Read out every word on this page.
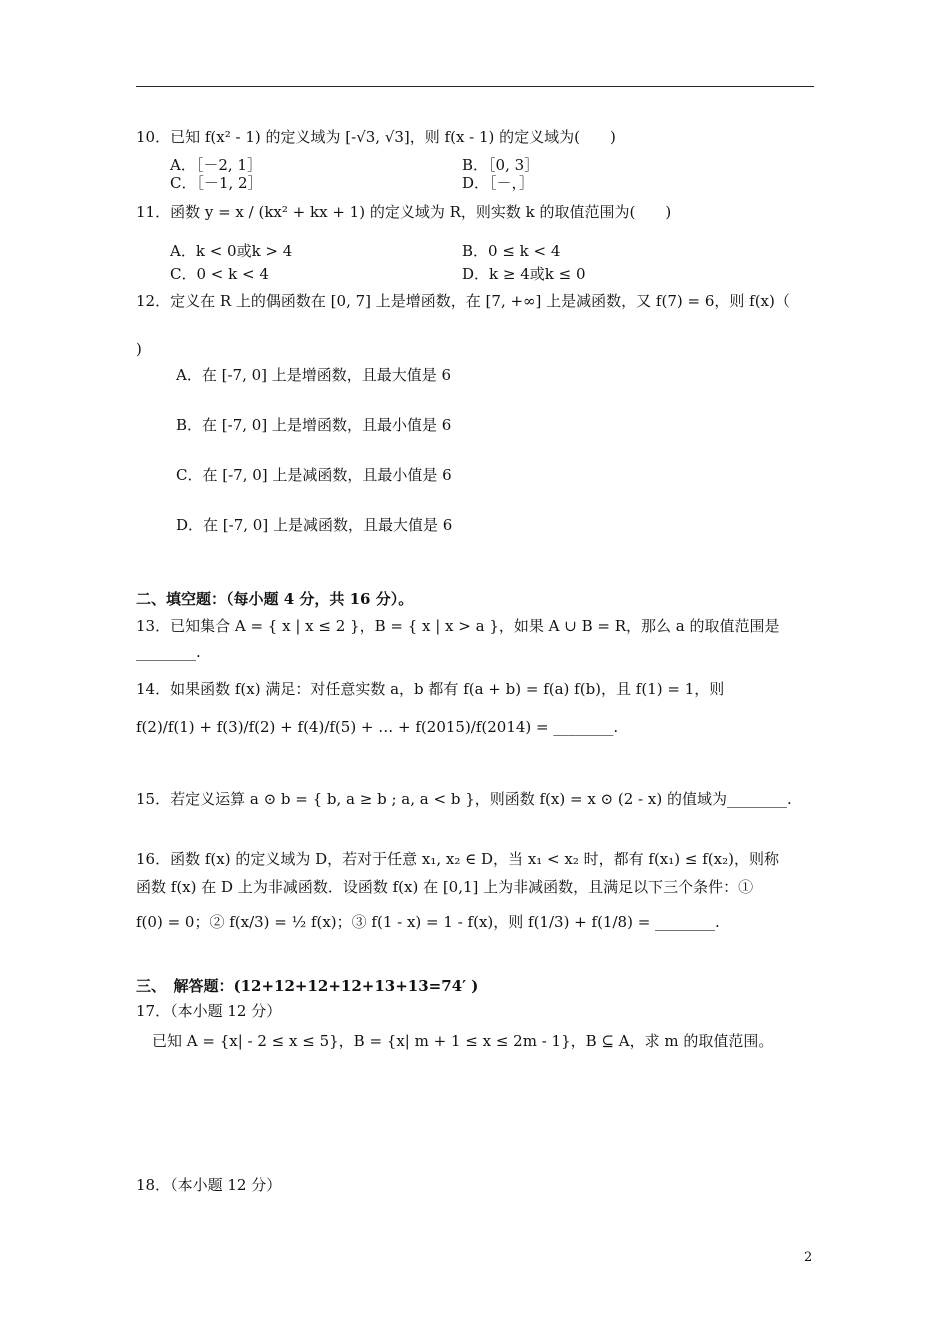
10．已知 f(x² - 1) 的定义域为 [-√3, √3]，则 f(x - 1) 的定义域为(　　)
A．［－2, 1］	B．［0, 3］
C．［－1, 2］	D．［－，］
11．函数 y = x / (kx² + kx + 1) 的定义域为 R，则实数 k 的取值范围为(　　)
A．k < 0或k > 4	B．0 ≤ k < 4
C．0 < k < 4	D．k ≥ 4或k ≤ 0
12．定义在 R 上的偶函数在 [0, 7] 上是增函数，在 [7, +∞] 上是减函数，又 f(7) = 6，则 f(x)（
)
A．在 [-7, 0] 上是增函数，且最大值是 6
B．在 [-7, 0] 上是增函数，且最小值是 6
C．在 [-7, 0] 上是减函数，且最小值是 6
D．在 [-7, 0] 上是减函数，且最大值是 6
二、填空题：（每小题 4 分，共 16 分）。
13．已知集合 A = { x | x ≤ 2 }，B = { x | x > a }，如果 A ∪ B = R，那么 a 的取值范围是
________.
14．如果函数 f(x) 满足：对任意实数 a，b 都有 f(a + b) = f(a) f(b)，且 f(1) = 1，则
f(2)/f(1) + f(3)/f(2) + f(4)/f(5) + … + f(2015)/f(2014) = ________.
15．若定义运算 a ⊙ b = { b, a ≥ b ; a, a < b }，则函数 f(x) = x ⊙ (2 - x) 的值域为________.
16．函数 f(x) 的定义域为 D，若对于任意 x₁, x₂ ∈ D，当 x₁ < x₂ 时，都有 f(x₁) ≤ f(x₂)，则称
函数 f(x) 在 D 上为非减函数．设函数 f(x) 在 [0,1] 上为非减函数，且满足以下三个条件：①
f(0) = 0；② f(x/3) = ½ f(x)；③ f(1 - x) = 1 - f(x)，则 f(1/3) + f(1/8) = ________.
三、　解答题：(12+12+12+12+13+13=74′ )
17．（本小题 12 分）
已知 A = {x| - 2 ≤ x ≤ 5}，B = {x| m + 1 ≤ x ≤ 2m - 1}，B ⊆ A，求 m 的取值范围。
18．（本小题 12 分）
2
